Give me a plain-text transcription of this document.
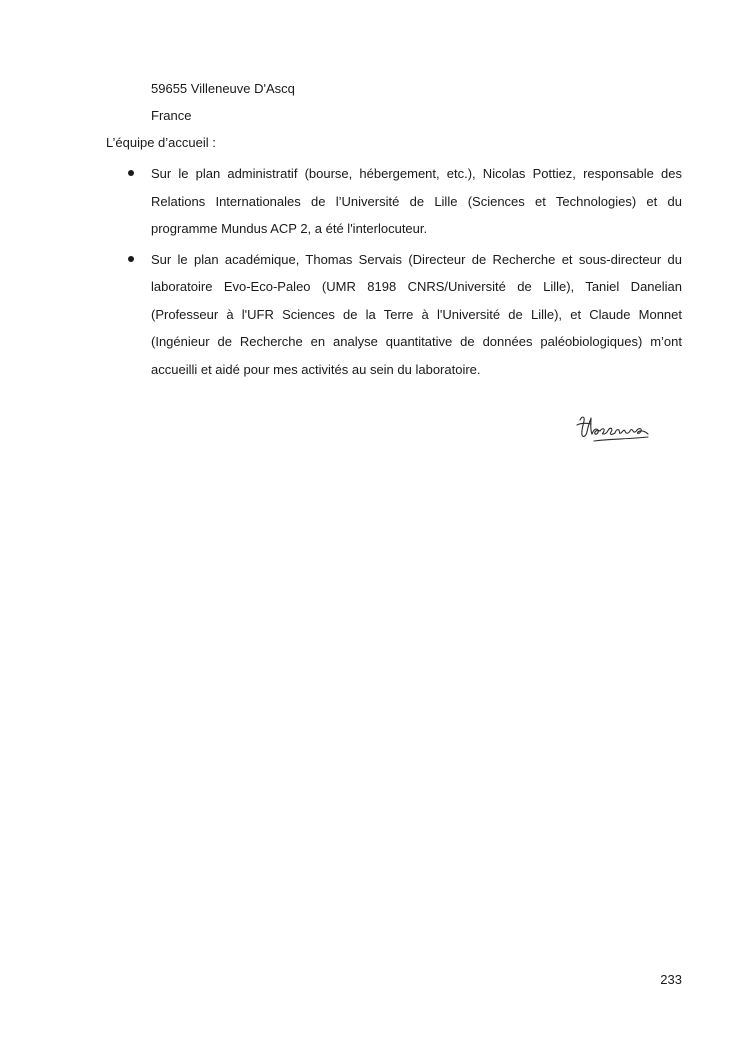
59655 Villeneuve D'Ascq
France
L’équipe d’accueil :
Sur le plan administratif (bourse, hébergement, etc.), Nicolas Pottiez, responsable des Relations Internationales de l’Université de Lille (Sciences et Technologies) et du programme Mundus ACP 2, a été l'interlocuteur.
Sur le plan académique, Thomas Servais (Directeur de Recherche et sous-directeur du laboratoire Evo-Eco-Paleo (UMR 8198 CNRS/Université de Lille), Taniel Danelian (Professeur à l'UFR Sciences de la Terre à l'Université de Lille), et Claude Monnet (Ingénieur de Recherche en analyse quantitative de données paléobiologiques) m’ont accueilli et aidé pour mes activités au sein du laboratoire.
233
